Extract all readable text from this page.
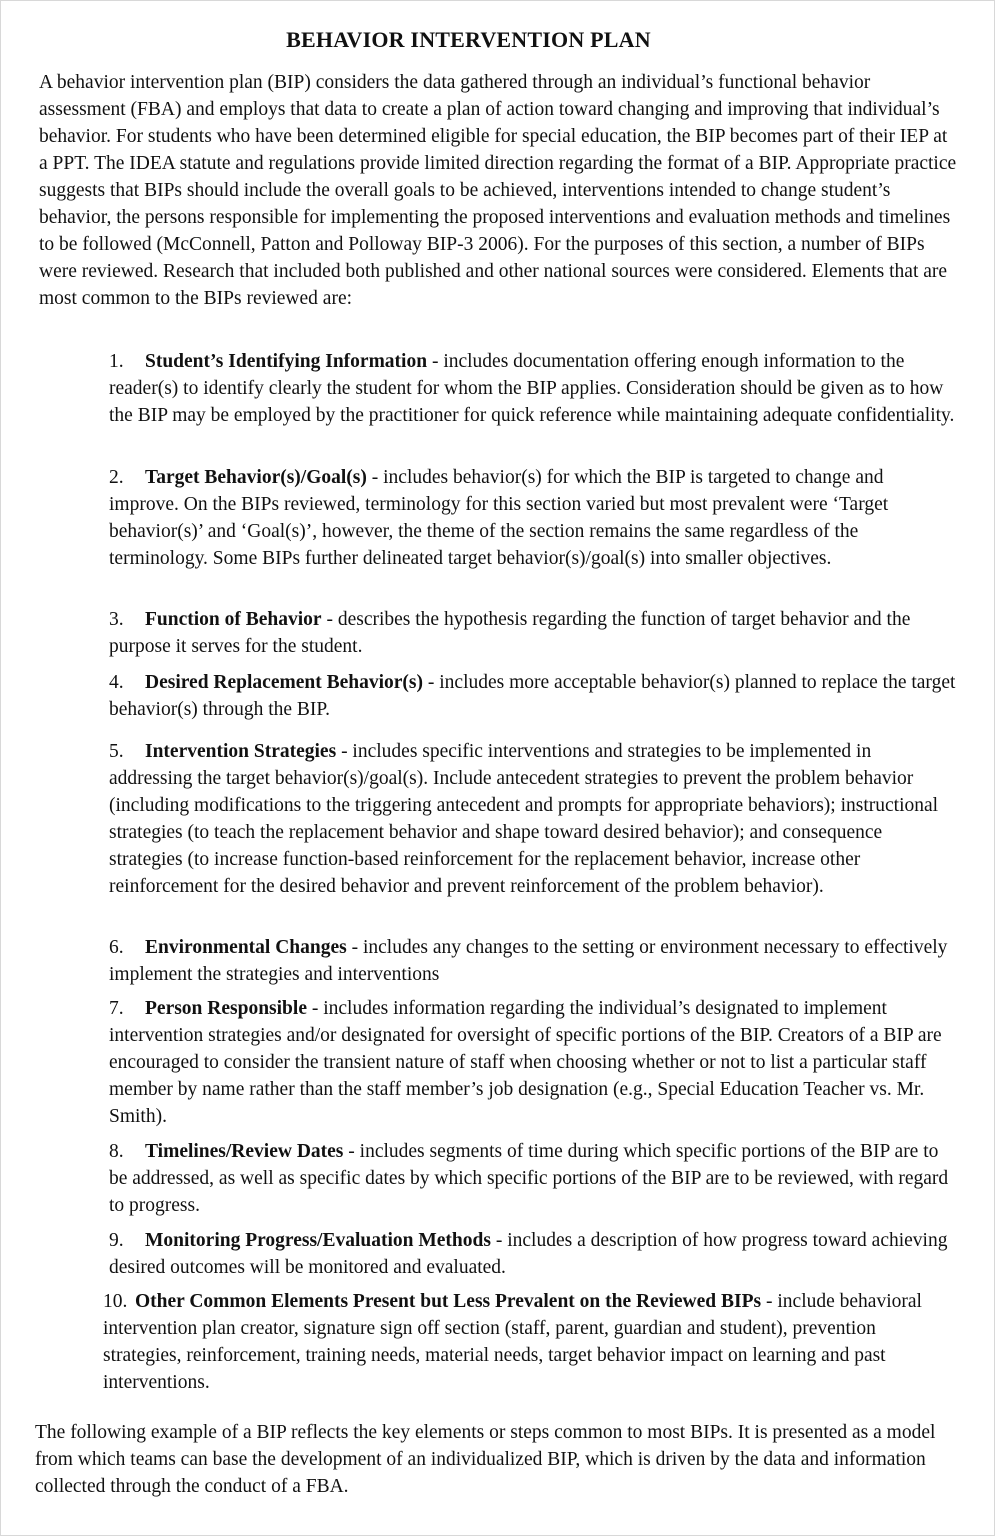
BEHAVIOR INTERVENTION PLAN

A behavior intervention plan (BIP) considers the data gathered through an individual’s functional behavior assessment (FBA) and employs that data to create a plan of action toward changing and improving that individual’s behavior. For students who have been determined eligible for special education, the BIP becomes part of their IEP at a PPT. The IDEA statute and regulations provide limited direction regarding the format of a BIP. Appropriate practice suggests that BIPs should include the overall goals to be achieved, interventions intended to change student’s behavior, the persons responsible for implementing the proposed interventions and evaluation methods and timelines to be followed (McConnell, Patton and Polloway BIP-3 2006). For the purposes of this section, a number of BIPs were reviewed. Research that included both published and other national sources were considered. Elements that are most common to the BIPs reviewed are:

1. Student’s Identifying Information - includes documentation offering enough information to the reader(s) to identify clearly the student for whom the BIP applies. Consideration should be given as to how the BIP may be employed by the practitioner for quick reference while maintaining adequate confidentiality.
2. Target Behavior(s)/Goal(s) - includes behavior(s) for which the BIP is targeted to change and improve. On the BIPs reviewed, terminology for this section varied but most prevalent were ‘Target behavior(s)’ and ‘Goal(s)’, however, the theme of the section remains the same regardless of the terminology. Some BIPs further delineated target behavior(s)/goal(s) into smaller objectives.
3. Function of Behavior - describes the hypothesis regarding the function of target behavior and the purpose it serves for the student.
4. Desired Replacement Behavior(s) - includes more acceptable behavior(s) planned to replace the target behavior(s) through the BIP.
5. Intervention Strategies - includes specific interventions and strategies to be implemented in addressing the target behavior(s)/goal(s). Include antecedent strategies to prevent the problem behavior (including modifications to the triggering antecedent and prompts for appropriate behaviors); instructional strategies (to teach the replacement behavior and shape toward desired behavior); and consequence strategies (to increase function-based reinforcement for the replacement behavior, increase other reinforcement for the desired behavior and prevent reinforcement of the problem behavior).
6. Environmental Changes - includes any changes to the setting or environment necessary to effectively implement the strategies and interventions
7. Person Responsible - includes information regarding the individual’s designated to implement intervention strategies and/or designated for oversight of specific portions of the BIP. Creators of a BIP are encouraged to consider the transient nature of staff when choosing whether or not to list a particular staff member by name rather than the staff member’s job designation (e.g., Special Education Teacher vs. Mr. Smith).
8. Timelines/Review Dates - includes segments of time during which specific portions of the BIP are to be addressed, as well as specific dates by which specific portions of the BIP are to be reviewed, with regard to progress.
9. Monitoring Progress/Evaluation Methods - includes a description of how progress toward achieving desired outcomes will be monitored and evaluated.
10. Other Common Elements Present but Less Prevalent on the Reviewed BIPs - include behavioral intervention plan creator, signature sign off section (staff, parent, guardian and student), prevention strategies, reinforcement, training needs, material needs, target behavior impact on learning and past interventions.

The following example of a BIP reflects the key elements or steps common to most BIPs. It is presented as a model from which teams can base the development of an individualized BIP, which is driven by the data and information collected through the conduct of a FBA.
